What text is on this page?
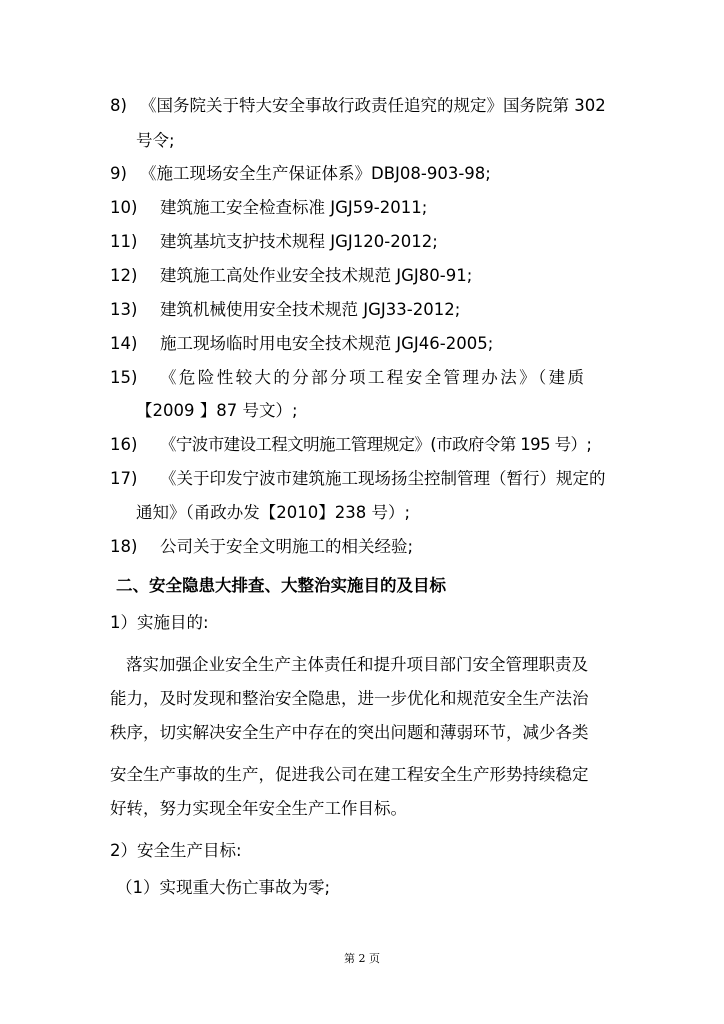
8) 《国务院关于特大安全事故行政责任追究的规定》国务院第 302
号令;
9) 《施工现场安全生产保证体系》DBJ08-903-98;
10) 建筑施工安全检查标准 JGJ59-2011;
11) 建筑基坑支护技术规程 JGJ120-2012;
12) 建筑施工高处作业安全技术规范 JGJ80-91;
13) 建筑机械使用安全技术规范 JGJ33-2012;
14) 施工现场临时用电安全技术规范 JGJ46-2005;
15) 《危险性较大的分部分项工程安全管理办法》（建质
【2009 】87 号文）;
16) 《宁波市建设工程文明施工管理规定》(市政府令第 195 号）;
17) 《关于印发宁波市建筑施工现场扬尘控制管理（暂行）规定的
通知》（甬政办发【2010】238 号）;
18) 公司关于安全文明施工的相关经验;
二、安全隐患大排查、大整治实施目的及目标
1）实施目的:
落实加强企业安全生产主体责任和提升项目部门安全管理职责及
能力，及时发现和整治安全隐患，进一步优化和规范安全生产法治
秩序，切实解决安全生产中存在的突出问题和薄弱环节，减少各类
安全生产事故的生产，促进我公司在建工程安全生产形势持续稳定
好转，努力实现全年安全生产工作目标。
2）安全生产目标:
（1）实现重大伤亡事故为零;
第 2 页
